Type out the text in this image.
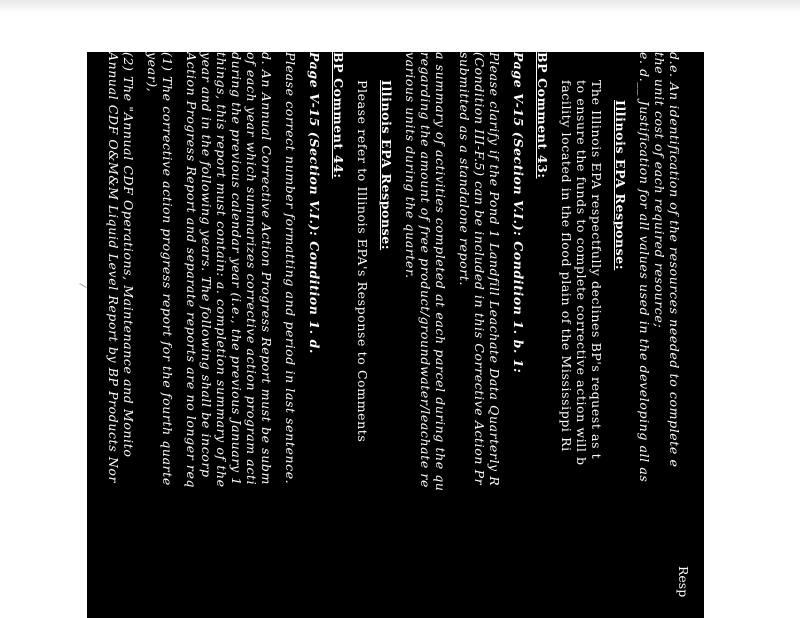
Resp
d.e. An identification of the resources needed to complete e
the unit cost of each required resource;
e. d.__ Justification for all values used in the developing all as
Illinois EPA Response:
The Illinois EPA respectfully declines BP's request as t
to ensure the funds to complete corrective action will b
facility located in the flood plain of the Mississippi Ri
BP Comment 43:
Page V-15 (Section V.I.): Condition 1. b. 1:
Please clarify if the Pond 1 Landfill Leachate Data Quarterly R
(Condition III-F.5) can be included in this Corrective Action Pr
submitted as a standalone report.
a summary of activities completed at each parcel during the qu
regarding the amount of free product/groundwater/leachate re
various units during the quarter.
Illinois EPA Response:
Please refer to Illinois EPA's Response to Comments
BP Comment 44:
Page V-15 (Section V.I.): Condition 1. d.
Please correct number formatting and period in last sentence.
d. An Annual Corrective Action Progress Report must be subm
of each year which summarizes corrective action program acti
during the previous calendar year (i.e., the previous January 1
things, this report must contain: a. completion summary of the
year and in the following years. The following shall be incorp
Action Progress Report and separate reports are no longer req
(1) The corrective action progress report for the fourth quarte
year),
(2) The "Annual CDF Operations, Maintenance and Monito
Annual CDF O&M&M Liquid Level Report by BP Products Nor
